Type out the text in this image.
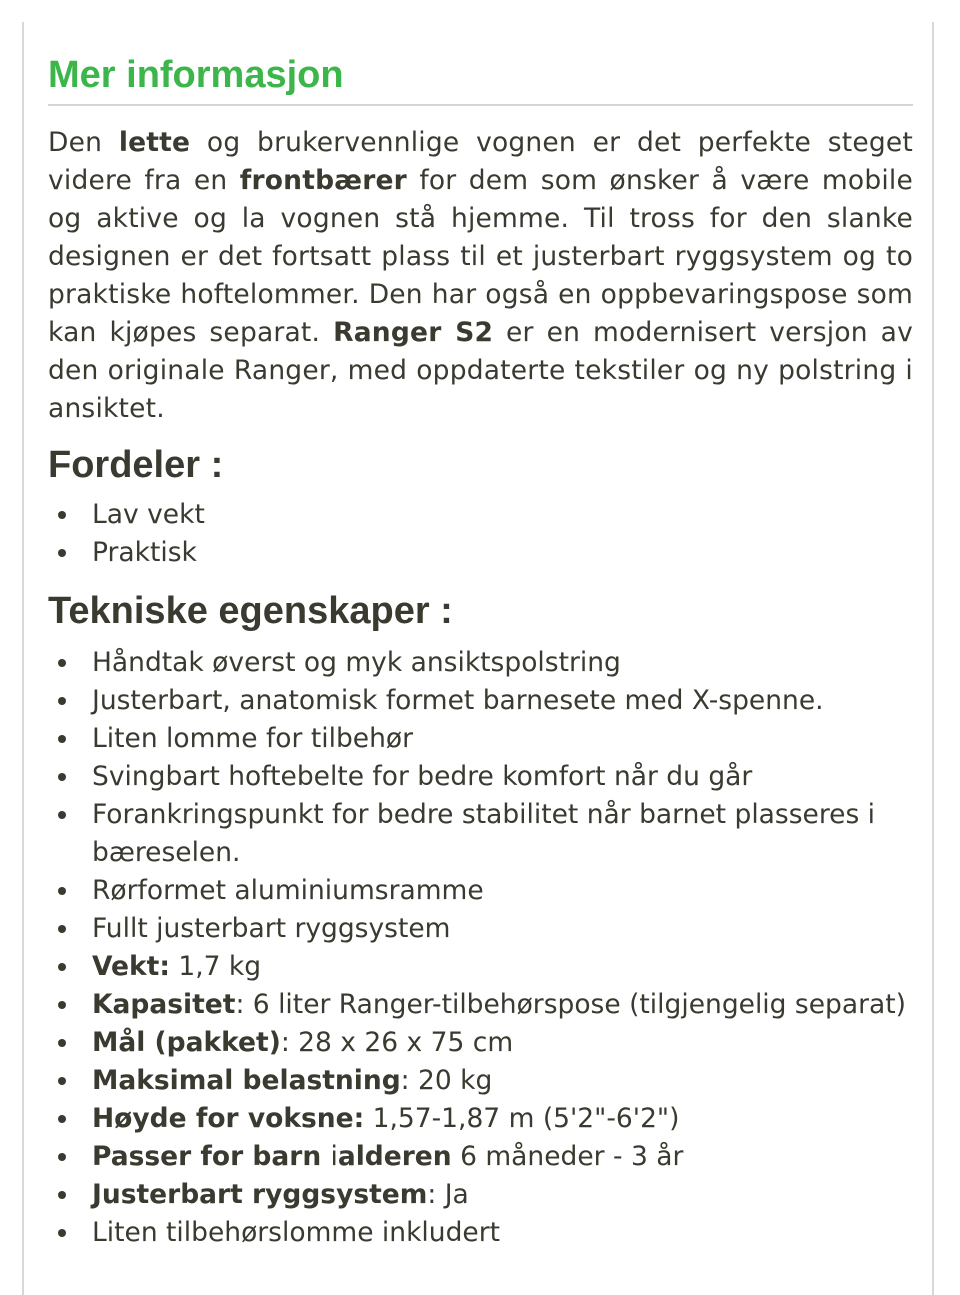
Mer informasjon

Den lette og brukervennlige vognen er det perfekte steget videre fra en frontbærer for dem som ønsker å være mobile og aktive og la vognen stå hjemme. Til tross for den slanke designen er det fortsatt plass til et justerbart ryggsystem og to praktiske hoftelommer. Den har også en oppbevaringspose som kan kjøpes separat. Ranger S2 er en modernisert versjon av den originale Ranger, med oppdaterte tekstiler og ny polstring i ansiktet.

Fordeler :
Lav vekt
Praktisk
Tekniske egenskaper :
Håndtak øverst og myk ansiktspolstring
Justerbart, anatomisk formet barnesete med X-spenne.
Liten lomme for tilbehør
Svingbart hoftebelte for bedre komfort når du går
Forankringspunkt for bedre stabilitet når barnet plasseres i bæreselen.
Rørformet aluminiumsramme
Fullt justerbart ryggsystem
Vekt: 1,7 kg
Kapasitet: 6 liter Ranger-tilbehørspose (tilgjengelig separat)
Mål (pakket): 28 x 26 x 75 cm
Maksimal belastning: 20 kg
Høyde for voksne: 1,57-1,87 m (5'2"-6'2")
Passer for barn ialderen 6 måneder - 3 år
Justerbart ryggsystem: Ja
Liten tilbehørslomme inkludert
